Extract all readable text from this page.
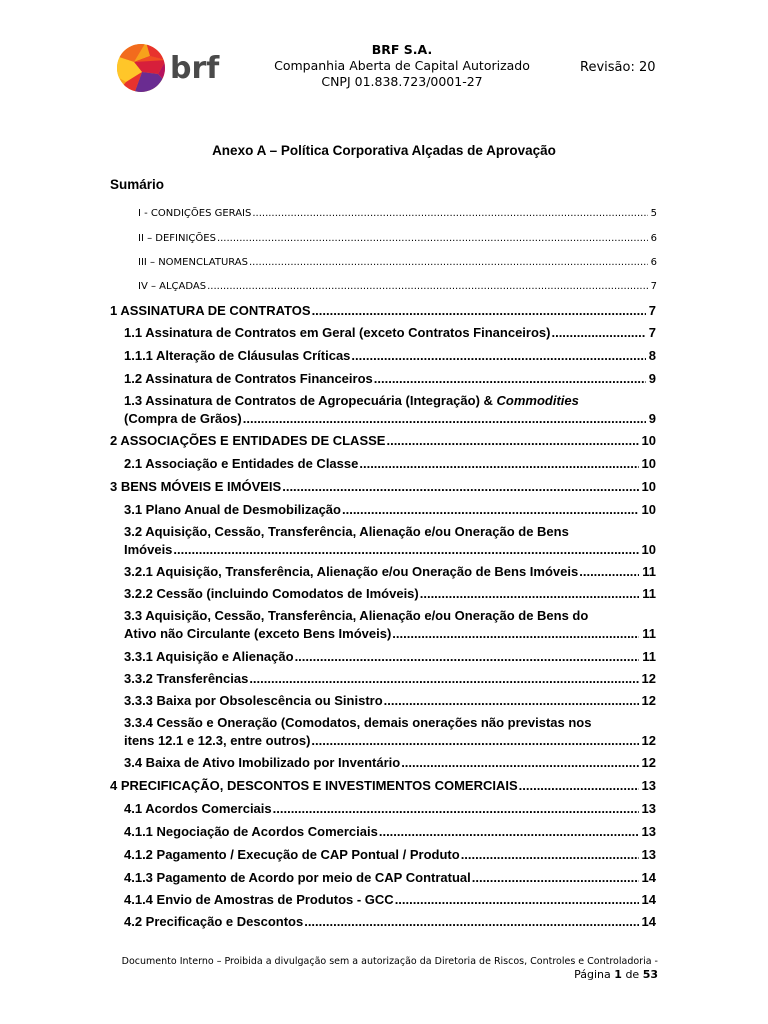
brf
BRF S.A.
Companhia Aberta de Capital Autorizado
CNPJ 01.838.723/0001-27
Revisão: 20
Anexo A – Política Corporativa Alçadas de Aprovação
Sumário
I - CONDIÇÕES GERAIS .....	5
II – DEFINIÇÕES .....	6
III – NOMENCLATURAS .....	6
IV – ALÇADAS .....	7
1 ASSINATURA DE CONTRATOS .....	7
1.1 Assinatura de Contratos em Geral (exceto Contratos Financeiros) .....	7
1.1.1 Alteração de Cláusulas Críticas .....	8
1.2 Assinatura de Contratos Financeiros .....	9
1.3 Assinatura de Contratos de Agropecuária (Integração) & Commodities
(Compra de Grãos) .....	9
2 ASSOCIAÇÕES E ENTIDADES DE CLASSE .....	10
2.1 Associação e Entidades de Classe .....	10
3 BENS MÓVEIS E IMÓVEIS .....	10
3.1 Plano Anual de Desmobilização .....	10
3.2 Aquisição, Cessão, Transferência, Alienação e/ou Oneração de Bens
Imóveis .....	10
3.2.1 Aquisição, Transferência, Alienação e/ou Oneração de Bens Imóveis .....	11
3.2.2 Cessão (incluindo Comodatos de Imóveis) .....	11
3.3 Aquisição, Cessão, Transferência, Alienação e/ou Oneração de Bens do
Ativo não Circulante (exceto Bens Imóveis) .....	11
3.3.1 Aquisição e Alienação .....	11
3.3.2 Transferências .....	12
3.3.3 Baixa por Obsolescência ou Sinistro .....	12
3.3.4 Cessão e Oneração (Comodatos, demais onerações não previstas nos
itens 12.1 e 12.3, entre outros) .....	12
3.4 Baixa de Ativo Imobilizado por Inventário .....	12
4 PRECIFICAÇÃO, DESCONTOS E INVESTIMENTOS COMERCIAIS .....	13
4.1 Acordos Comerciais .....	13
4.1.1 Negociação de Acordos Comerciais .....	13
4.1.2 Pagamento / Execução de CAP Pontual / Produto .....	13
4.1.3 Pagamento de Acordo por meio de CAP Contratual .....	14
4.1.4 Envio de Amostras de Produtos - GCC .....	14
4.2 Precificação e Descontos .....	14
Documento Interno – Proibida a divulgação sem a autorização da Diretoria de Riscos, Controles e Controladoria -
Página 1 de 53
